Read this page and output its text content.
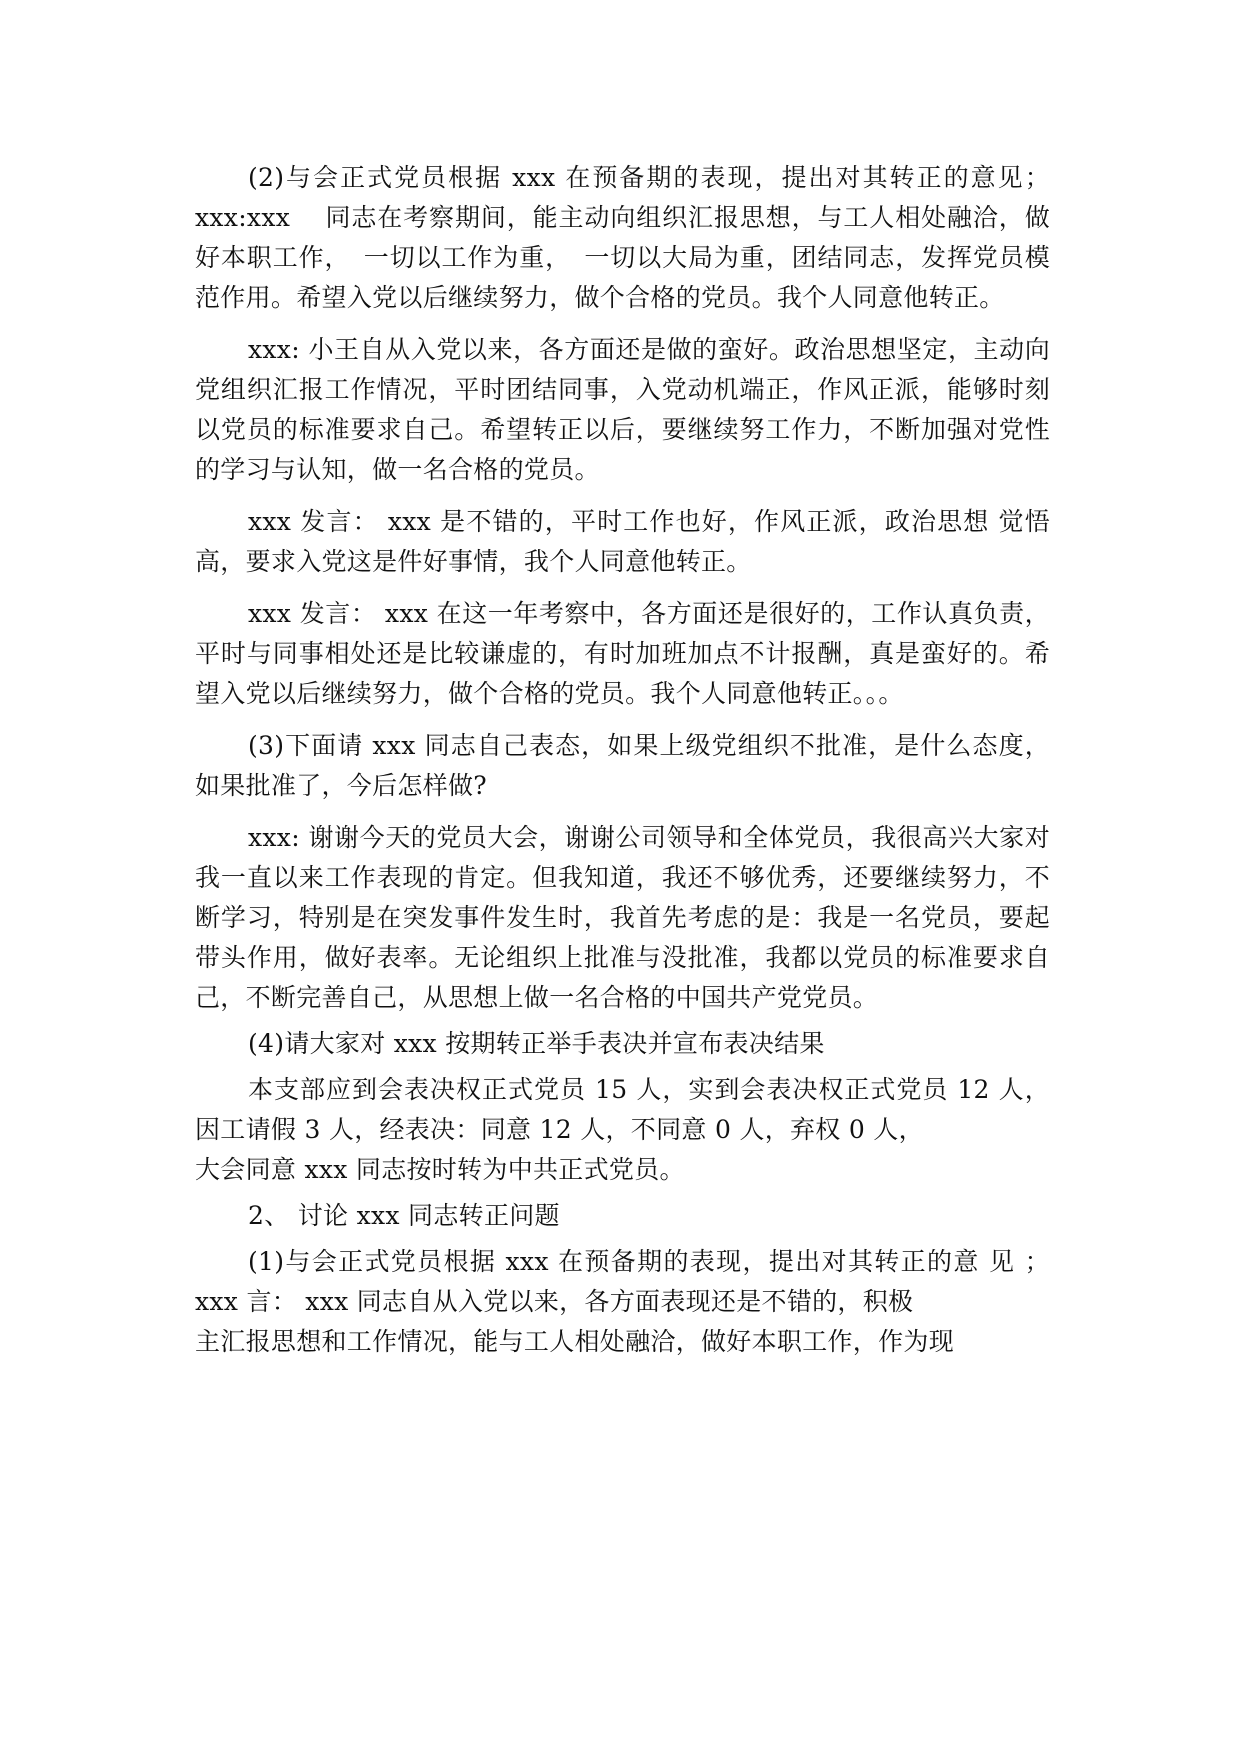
(2)与会正式党员根据 xxx 在预备期的表现，提出对其转正的意见； xxx:xxx　 同志在考察期间，能主动向组织汇报思想，与工人相处融洽，做好本职工作，　一切以工作为重，　一切以大局为重，团结同志，发挥党员模范作用。希望入党以后继续努力，做个合格的党员。我个人同意他转正。

xxx: 小王自从入党以来，各方面还是做的蛮好。政治思想坚定，主动向党组织汇报工作情况，平时团结同事，入党动机端正，作风正派，能够时刻以党员的标准要求自己。希望转正以后，要继续努工作力，不断加强对党性的学习与认知，做一名合格的党员。

xxx 发言： xxx 是不错的，平时工作也好，作风正派，政治思想 觉悟高，要求入党这是件好事情，我个人同意他转正。

xxx 发言： xxx 在这一年考察中，各方面还是很好的，工作认真负责，平时与同事相处还是比较谦虚的，有时加班加点不计报酬，真是蛮好的。希望入党以后继续努力，做个合格的党员。我个人同意他转正。。。

(3)下面请 xxx 同志自己表态，如果上级党组织不批准，是什么态度，如果批准了，今后怎样做?

xxx: 谢谢今天的党员大会，谢谢公司领导和全体党员，我很高兴大家对我一直以来工作表现的肯定。但我知道，我还不够优秀，还要继续努力，不断学习，特别是在突发事件发生时，我首先考虑的是：我是一名党员，要起带头作用，做好表率。无论组织上批准与没批准，我都以党员的标准要求自己，不断完善自己，从思想上做一名合格的中国共产党党员。

(4)请大家对 xxx 按期转正举手表决并宣布表决结果

本支部应到会表决权正式党员 15 人，实到会表决权正式党员 12 人，因工请假 3 人，经表决：同意 12 人，不同意 0 人，弃权 0 人，

大会同意 xxx 同志按时转为中共正式党员。

2、 讨论 xxx 同志转正问题

(1)与会正式党员根据 xxx 在预备期的表现，提出对其转正的意 见 ；xxx 言： xxx 同志自从入党以来，各方面表现还是不错的，积极

主汇报思想和工作情况，能与工人相处融洽，做好本职工作，作为现
